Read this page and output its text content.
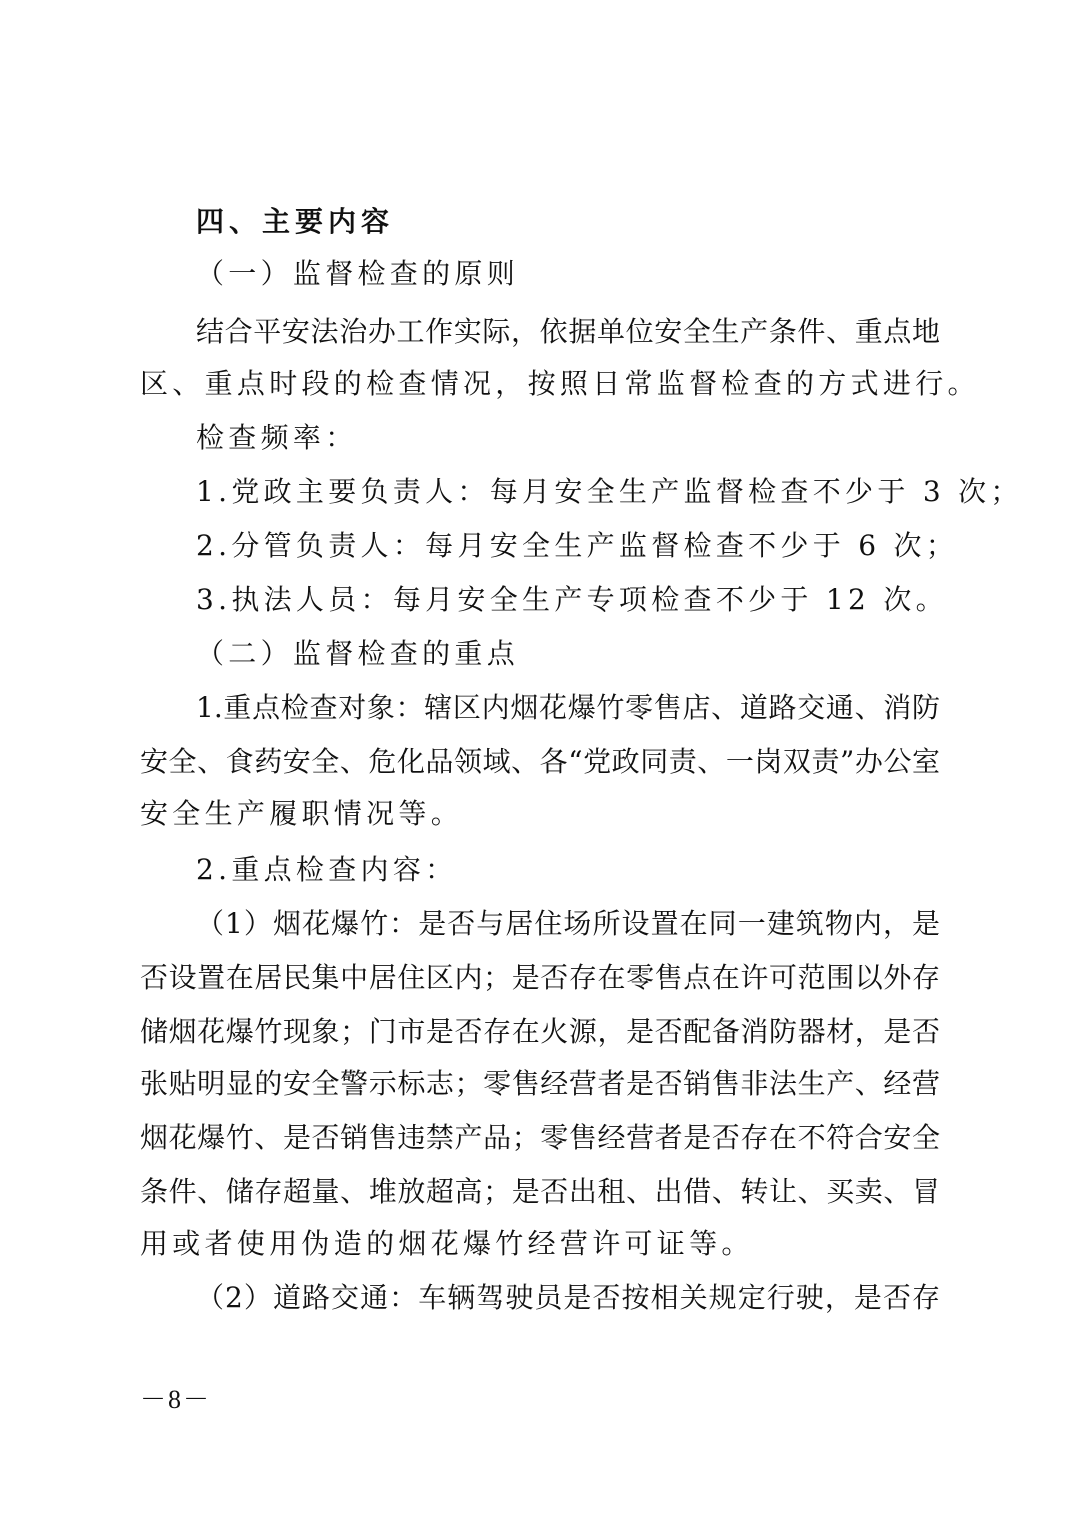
四、主要内容
（一）监督检查的原则
结合平安法治办工作实际，依据单位安全生产条件、重点地
区、重点时段的检查情况，按照日常监督检查的方式进行。
检查频率：
1.党政主要负责人：每月安全生产监督检查不少于 3 次；
2.分管负责人：每月安全生产监督检查不少于 6 次；
3.执法人员：每月安全生产专项检查不少于 12 次。
（二）监督检查的重点
1.重点检查对象：辖区内烟花爆竹零售店、道路交通、消防
安全、食药安全、危化品领域、各“党政同责、一岗双责”办公室
安全生产履职情况等。
2.重点检查内容：
（1）烟花爆竹：是否与居住场所设置在同一建筑物内，是
否设置在居民集中居住区内；是否存在零售点在许可范围以外存
储烟花爆竹现象；门市是否存在火源，是否配备消防器材，是否
张贴明显的安全警示标志；零售经营者是否销售非法生产、经营
烟花爆竹、是否销售违禁产品；零售经营者是否存在不符合安全
条件、储存超量、堆放超高；是否出租、出借、转让、买卖、冒
用或者使用伪造的烟花爆竹经营许可证等。
（2）道路交通：车辆驾驶员是否按相关规定行驶，是否存
－8－
